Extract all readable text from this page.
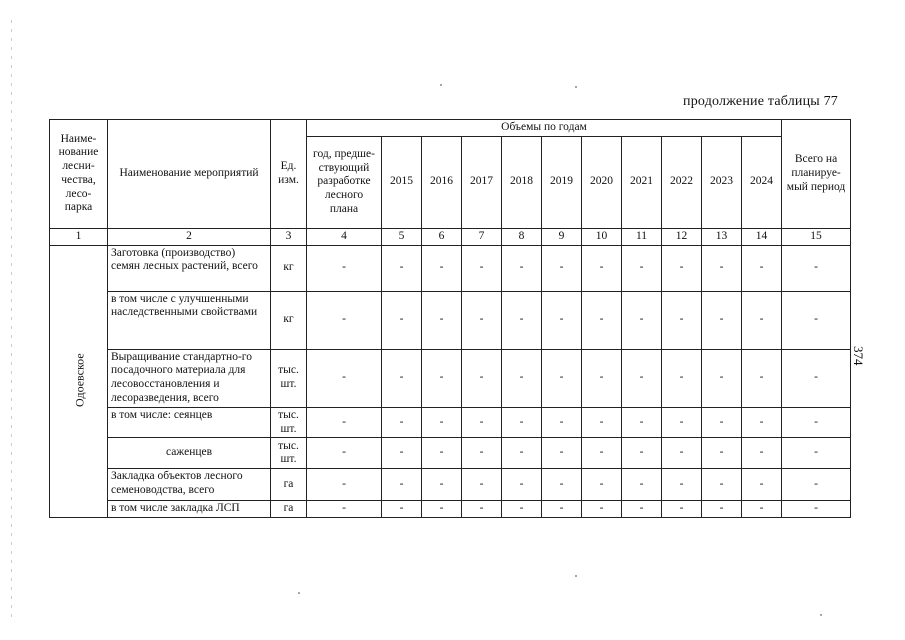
продолжение таблицы 77
374
Наиме-нование лесни-чества, лесо-парка	Наименование мероприятий	Ед. изм.	Объемы по годам											Всего на планируе-мый период
			год, предше-ствующий разработке лесного плана	2015	2016	2017	2018	2019	2020	2021	2022	2023	2024	
1	2	3	4	5	6	7	8	9	10	11	12	13	14	15
Одоевское	Заготовка (производство) семян лесных растений, всего	кг	-	-	-	-	-	-	-	-	-	-	-	-
	в том числе с улучшенными наследственными свойствами	кг	-	-	-	-	-	-	-	-	-	-	-	-
	Выращивание стандартно-го посадочного материала для лесовосстановления и лесоразведения, всего	тыс. шт.	-	-	-	-	-	-	-	-	-	-	-	-
	в том числе: сеянцев	тыс. шт.	-	-	-	-	-	-	-	-	-	-	-	-
	саженцев	тыс. шт.	-	-	-	-	-	-	-	-	-	-	-	-
	Закладка объектов лесного семеноводства, всего	га	-	-	-	-	-	-	-	-	-	-	-	-
	в том числе закладка ЛСП	га	-	-	-	-	-	-	-	-	-	-	-	-
